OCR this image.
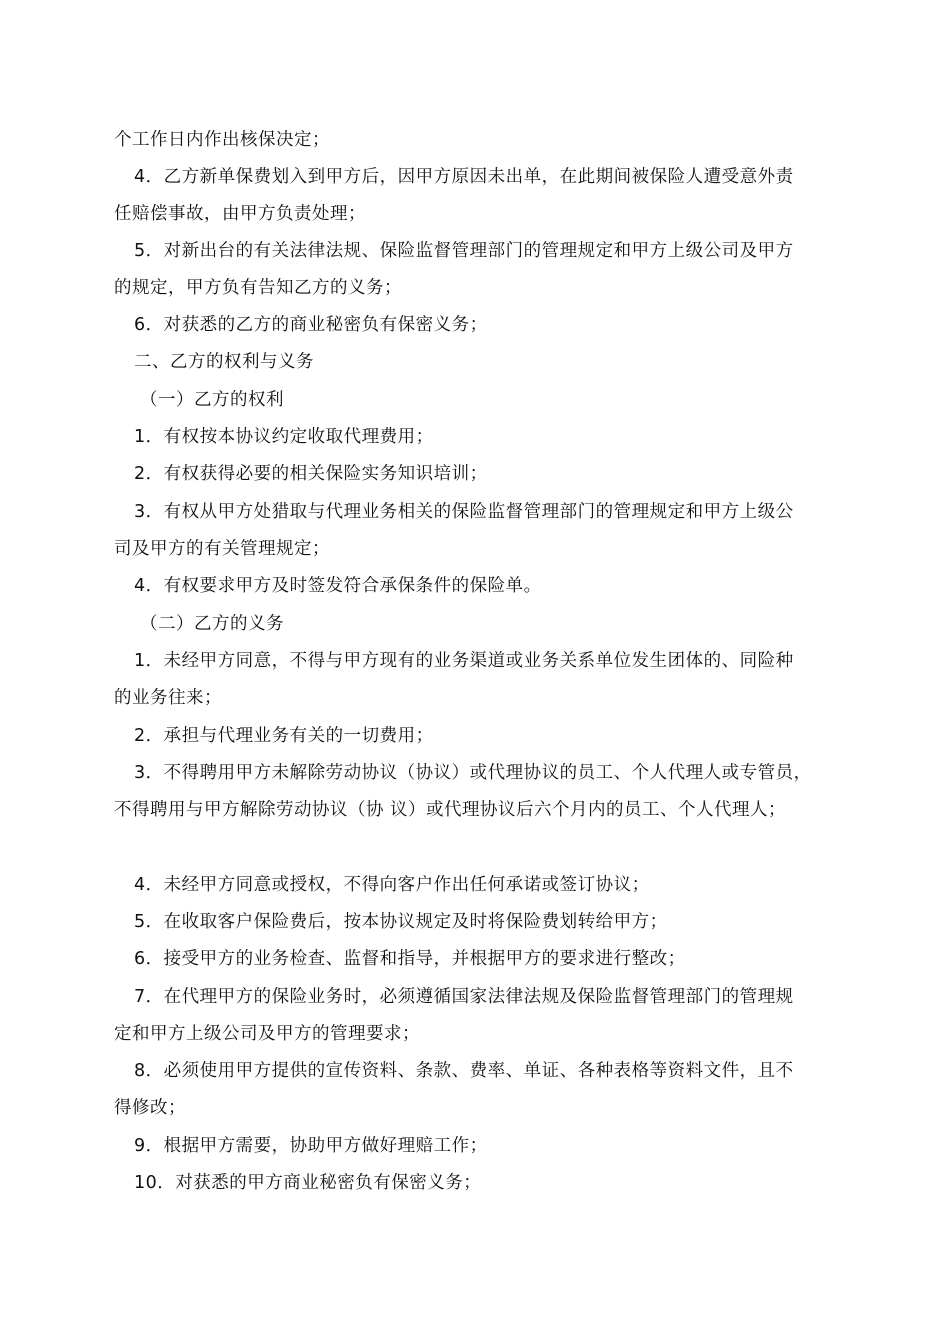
个工作日内作出核保决定；
4．乙方新单保费划入到甲方后，因甲方原因未出单，在此期间被保险人遭受意外责
任赔偿事故，由甲方负责处理；
5．对新出台的有关法律法规、保险监督管理部门的管理规定和甲方上级公司及甲方
的规定，甲方负有告知乙方的义务；
6．对获悉的乙方的商业秘密负有保密义务；
二、乙方的权利与义务
（一）乙方的权利
1．有权按本协议约定收取代理费用；
2．有权获得必要的相关保险实务知识培训；
3．有权从甲方处猎取与代理业务相关的保险监督管理部门的管理规定和甲方上级公
司及甲方的有关管理规定；
4．有权要求甲方及时签发符合承保条件的保险单。
（二）乙方的义务
1．未经甲方同意，不得与甲方现有的业务渠道或业务关系单位发生团体的、同险种
的业务往来；
2．承担与代理业务有关的一切费用；
3．不得聘用甲方未解除劳动协议（协议）或代理协议的员工、个人代理人或专管员，
不得聘用与甲方解除劳动协议（协 议）或代理协议后六个月内的员工、个人代理人；
4．未经甲方同意或授权，不得向客户作出任何承诺或签订协议；
5．在收取客户保险费后，按本协议规定及时将保险费划转给甲方；
6．接受甲方的业务检查、监督和指导，并根据甲方的要求进行整改；
7．在代理甲方的保险业务时，必须遵循国家法律法规及保险监督管理部门的管理规
定和甲方上级公司及甲方的管理要求；
8．必须使用甲方提供的宣传资料、条款、费率、单证、各种表格等资料文件，且不
得修改；
9．根据甲方需要，协助甲方做好理赔工作；
10．对获悉的甲方商业秘密负有保密义务；
